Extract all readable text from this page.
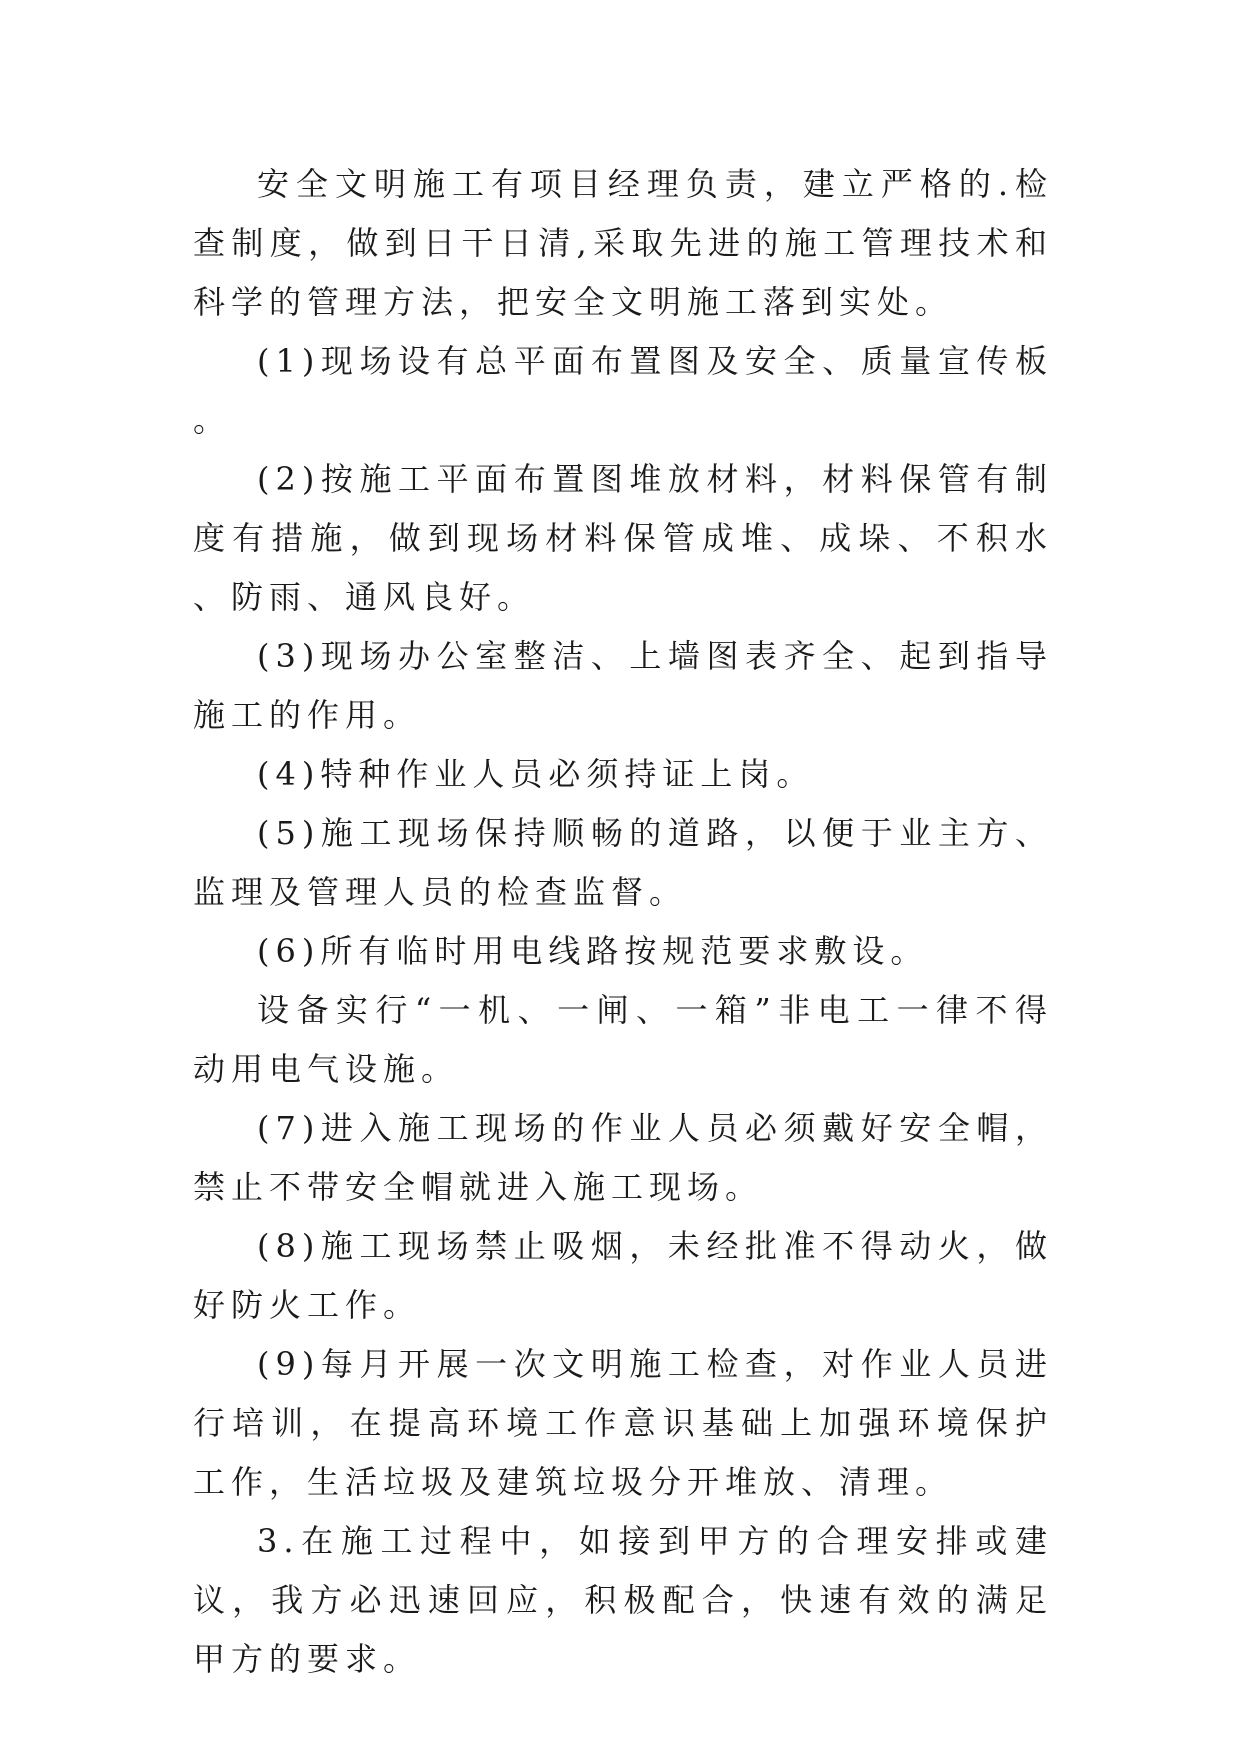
安全文明施工有项目经理负责，建立严格的.检查制度，做到日干日清,采取先进的施工管理技术和科学的管理方法，把安全文明施工落到实处。

(1)现场设有总平面布置图及安全、质量宣传板。

(2)按施工平面布置图堆放材料，材料保管有制度有措施，做到现场材料保管成堆、成垛、不积水、防雨、通风良好。

(3)现场办公室整洁、上墙图表齐全、起到指导施工的作用。

(4)特种作业人员必须持证上岗。

(5)施工现场保持顺畅的道路，以便于业主方、监理及管理人员的检查监督。

(6)所有临时用电线路按规范要求敷设。

设备实行“一机、一闸、一箱”非电工一律不得动用电气设施。

(7)进入施工现场的作业人员必须戴好安全帽，禁止不带安全帽就进入施工现场。

(8)施工现场禁止吸烟，未经批准不得动火，做好防火工作。

(9)每月开展一次文明施工检查，对作业人员进行培训，在提高环境工作意识基础上加强环境保护工作，生活垃圾及建筑垃圾分开堆放、清理。

3.在施工过程中，如接到甲方的合理安排或建议，我方必迅速回应，积极配合，快速有效的满足甲方的要求。
